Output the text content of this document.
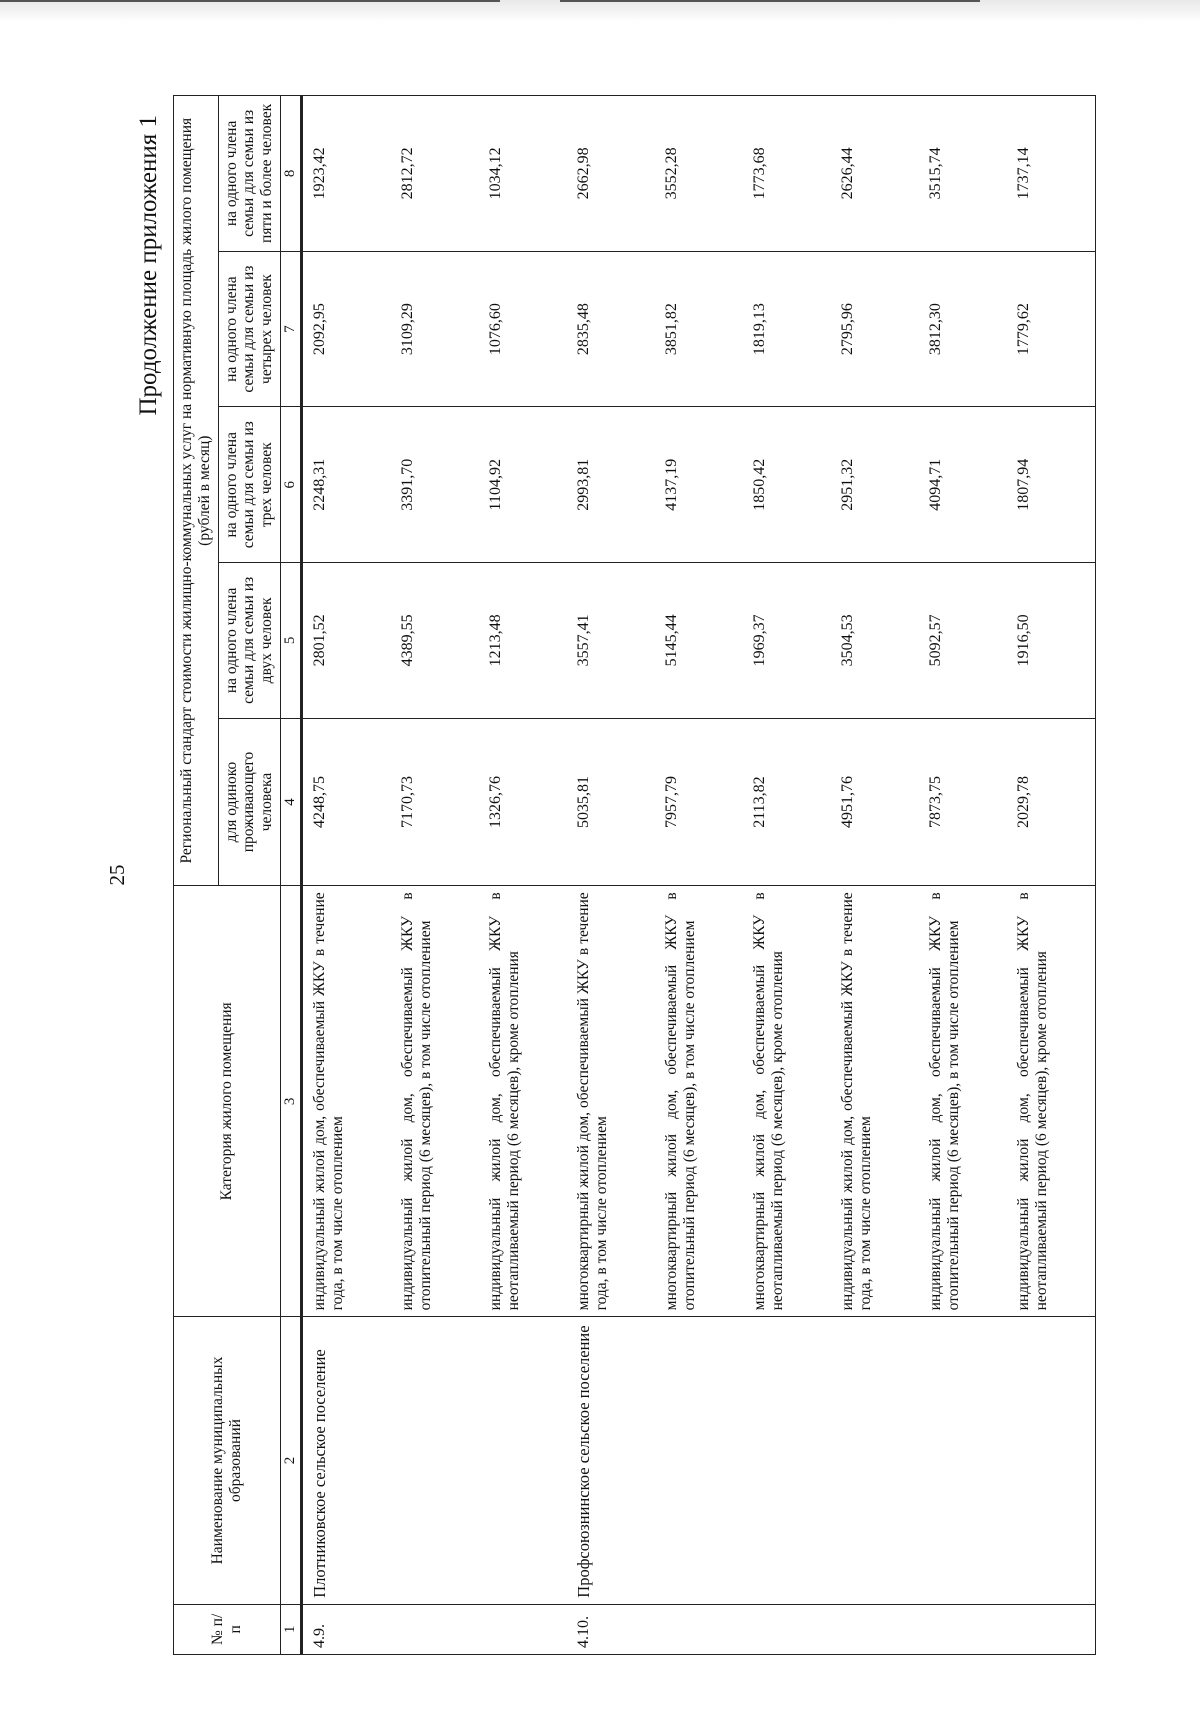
25
Продолжение приложения 1
№ п/п	Наименование муниципальных образований	Категория жилого помещения	Региональный стандарт стоимости жилищно-коммунальных услуг на нормативную площадь жилого помещения (рублей в месяц)				
			для одиноко проживающего человека	на одного члена семьи для семьи из двух человек	на одного члена семьи для семьи из трех человек	на одного члена семьи для семьи из четырех человек	на одного члена семьи для семьи из пяти и более человек
1	2	3	4	5	6	7	8
4.9.	Плотниковское сельское поселение	индивидуальный жилой дом, обеспечиваемый ЖКУ в течение года, в том числе отоплением	4248,75	2801,52	2248,31	2092,95	1923,42
		индивидуальный жилой дом, обеспечиваемый ЖКУ в отопительный период (6 месяцев), в том числе отоплением	7170,73	4389,55	3391,70	3109,29	2812,72
		индивидуальный жилой дом, обеспечиваемый ЖКУ в неотапливаемый период (6 месяцев), кроме отопления	1326,76	1213,48	1104,92	1076,60	1034,12
4.10.	Профсоюзнинское сельское поселение	многоквартирный жилой дом, обеспечиваемый ЖКУ в течение года, в том числе отоплением	5035,81	3557,41	2993,81	2835,48	2662,98
		многоквартирный жилой дом, обеспечиваемый ЖКУ в отопительный период (6 месяцев), в том числе отоплением	7957,79	5145,44	4137,19	3851,82	3552,28
		многоквартирный жилой дом, обеспечиваемый ЖКУ в неотапливаемый период (6 месяцев), кроме отопления	2113,82	1969,37	1850,42	1819,13	1773,68
		индивидуальный жилой дом, обеспечиваемый ЖКУ в течение года, в том числе отоплением	4951,76	3504,53	2951,32	2795,96	2626,44
		индивидуальный жилой дом, обеспечиваемый ЖКУ в отопительный период (6 месяцев), в том числе отоплением	7873,75	5092,57	4094,71	3812,30	3515,74
		индивидуальный жилой дом, обеспечиваемый ЖКУ в неотапливаемый период (6 месяцев), кроме отопления	2029,78	1916,50	1807,94	1779,62	1737,14
